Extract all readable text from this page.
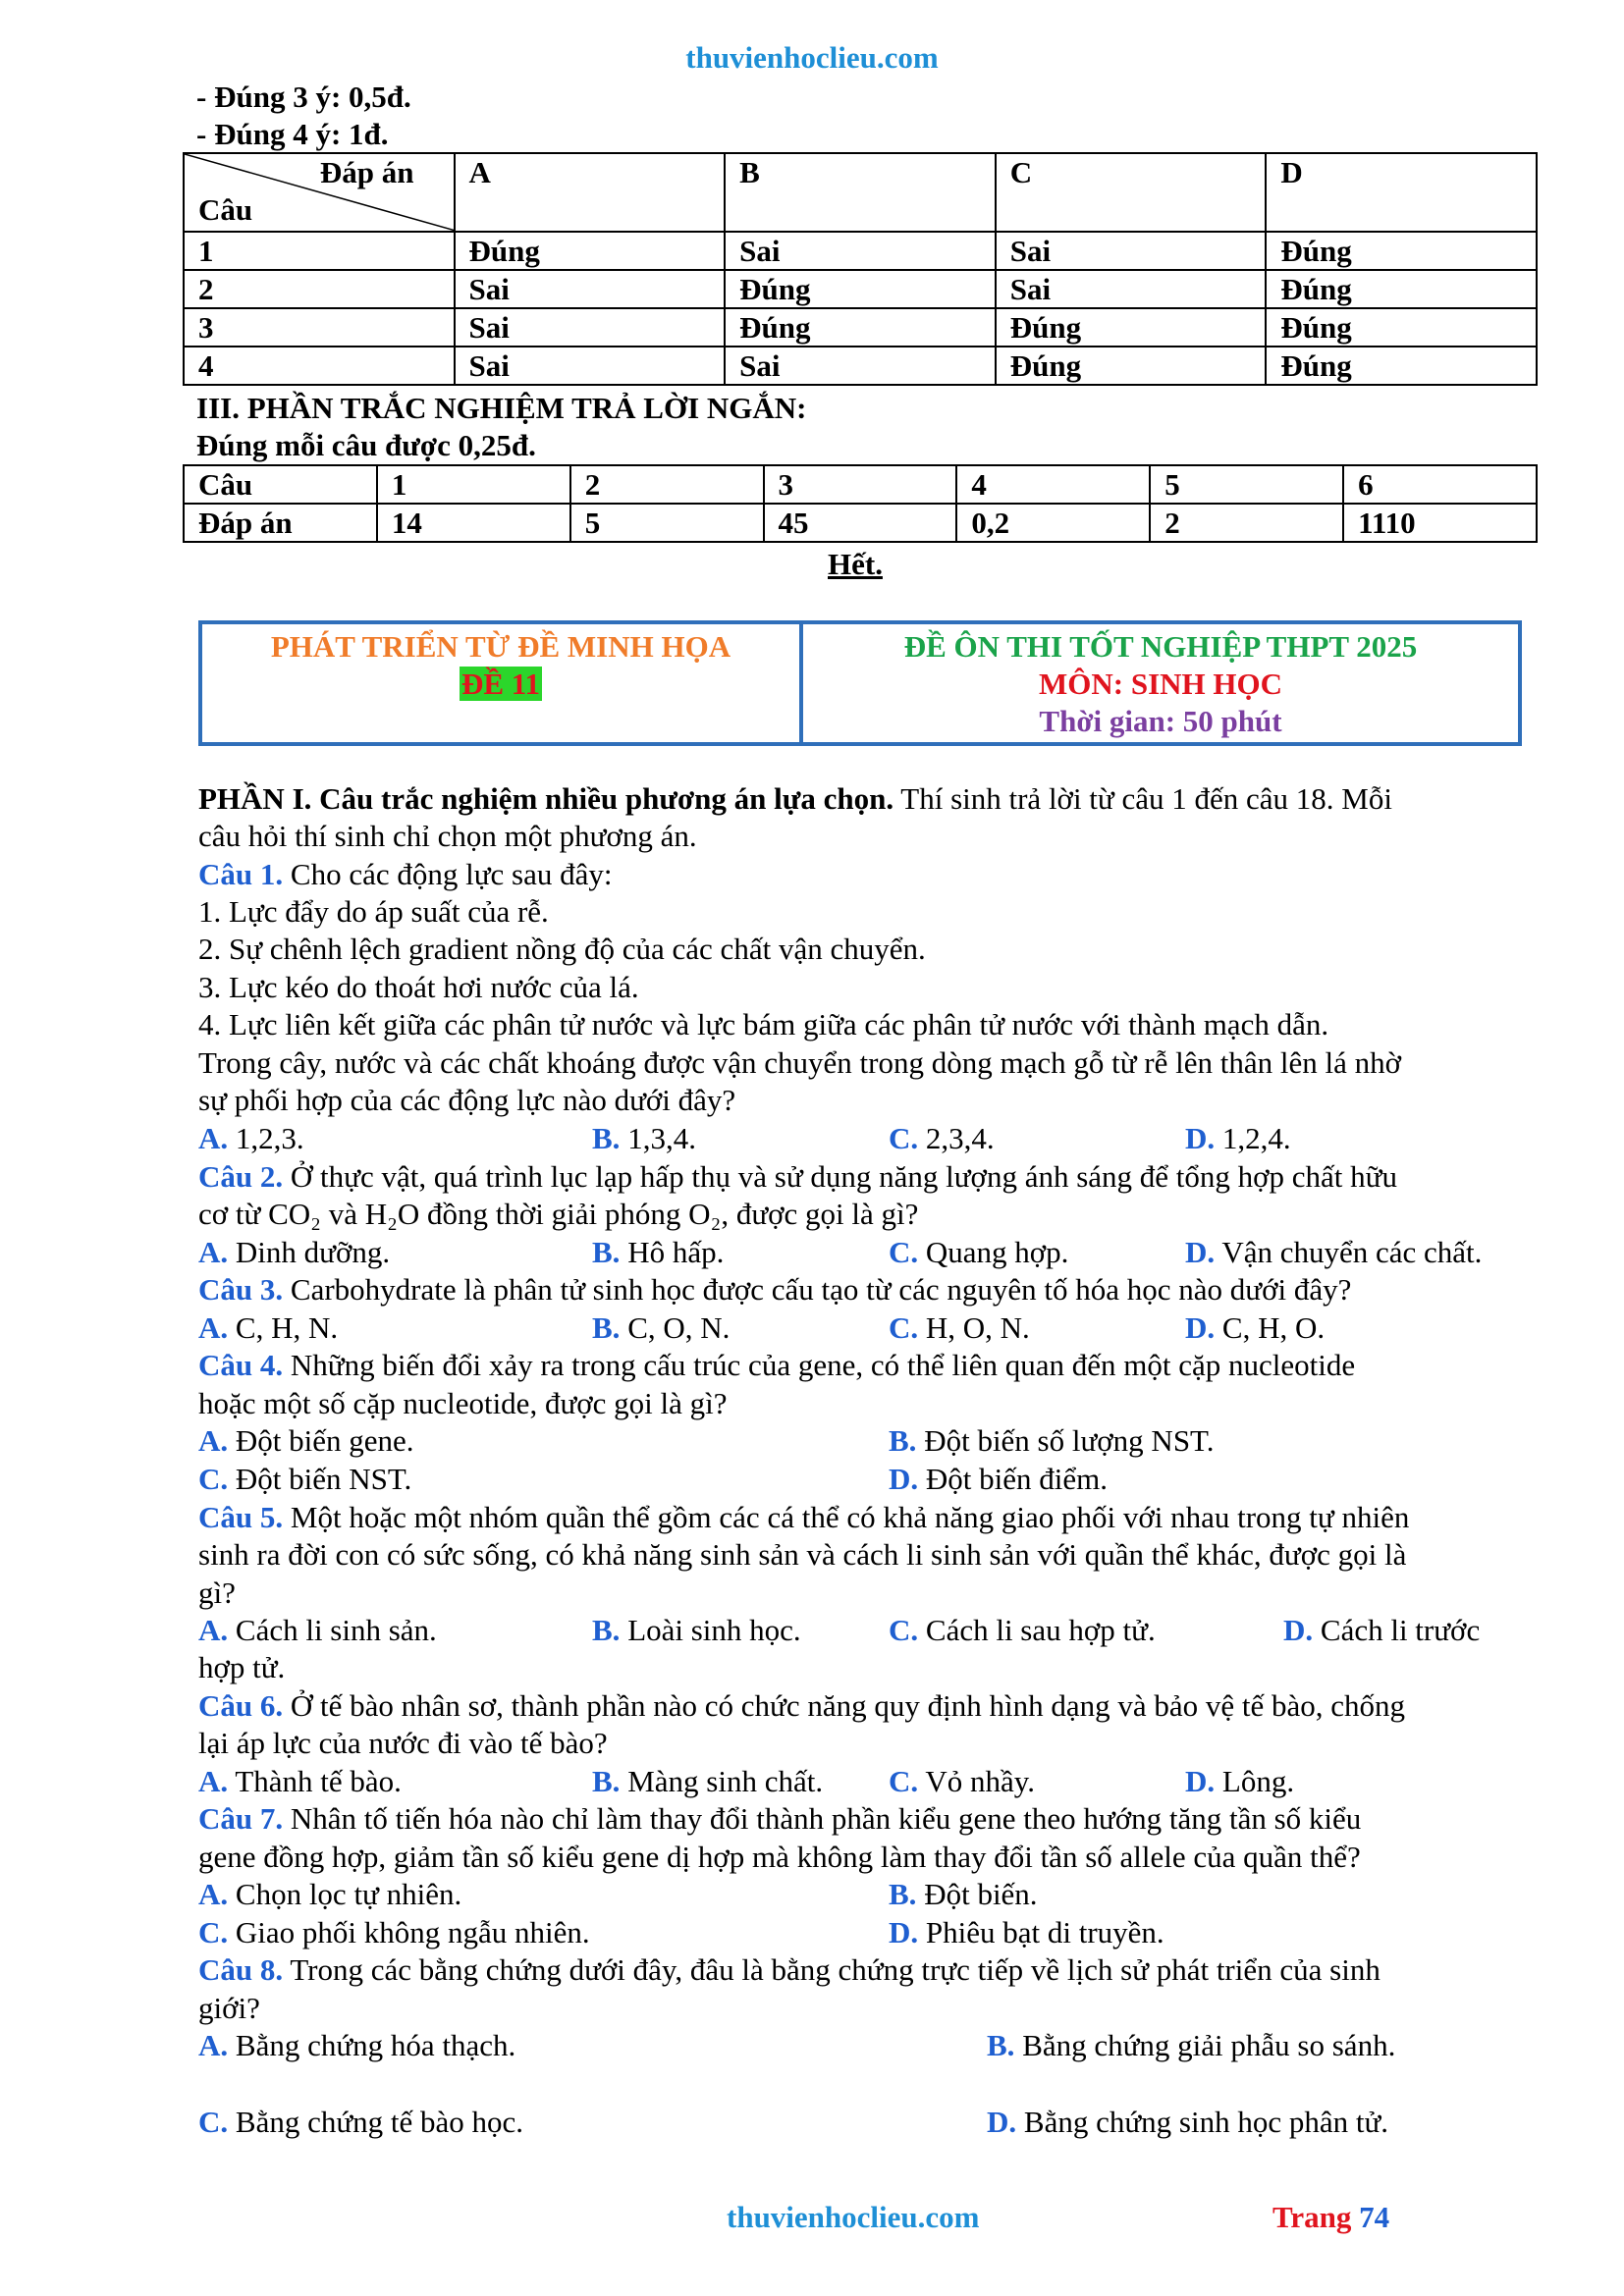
thuvienhoclieu.com
- Đúng 3 ý: 0,5đ.
- Đúng 4 ý: 1đ.
Đáp án
Câu	A	B	C	D
1	Đúng	Sai	Sai	Đúng
2	Sai	Đúng	Sai	Đúng
3	Sai	Đúng	Đúng	Đúng
4	Sai	Sai	Đúng	Đúng
III. PHẦN TRẮC NGHIỆM TRẢ LỜI NGẮN:
Đúng mỗi câu được 0,25đ.
Câu	1	2	3	4	5	6
Đáp án	14	5	45	0,2	2	1110
Hết.
PHÁT TRIỂN TỪ ĐỀ MINH HỌA
ĐỀ 11
ĐỀ ÔN THI TỐT NGHIỆP THPT 2025
MÔN: SINH HỌC
Thời gian: 50 phút
PHẦN I. Câu trắc nghiệm nhiều phương án lựa chọn. Thí sinh trả lời từ câu 1 đến câu 18. Mỗi
câu hỏi thí sinh chỉ chọn một phương án.
Câu 1. Cho các động lực sau đây:
1. Lực đẩy do áp suất của rễ.
2. Sự chênh lệch gradient nồng độ của các chất vận chuyển.
3. Lực kéo do thoát hơi nước của lá.
4. Lực liên kết giữa các phân tử nước và lực bám giữa các phân tử nước với thành mạch dẫn.
Trong cây, nước và các chất khoáng được vận chuyển trong dòng mạch gỗ từ rễ lên thân lên lá nhờ
sự phối hợp của các động lực nào dưới đây?
A. 1,2,3.	B. 1,3,4.	C. 2,3,4.	D. 1,2,4.
Câu 2. Ở thực vật, quá trình lục lạp hấp thụ và sử dụng năng lượng ánh sáng để tổng hợp chất hữu
cơ từ CO₂ và H₂O đồng thời giải phóng O₂, được gọi là gì?
A. Dinh dưỡng.	B. Hô hấp.	C. Quang hợp.	D. Vận chuyển các chất.
Câu 3. Carbohydrate là phân tử sinh học được cấu tạo từ các nguyên tố hóa học nào dưới đây?
A. C, H, N.	B. C, O, N.	C. H, O, N.	D. C, H, O.
Câu 4. Những biến đổi xảy ra trong cấu trúc của gene, có thể liên quan đến một cặp nucleotide
hoặc một số cặp nucleotide, được gọi là gì?
A. Đột biến gene.	B. Đột biến số lượng NST.
C. Đột biến NST.	D. Đột biến điểm.
Câu 5. Một hoặc một nhóm quần thể gồm các cá thể có khả năng giao phối với nhau trong tự nhiên
sinh ra đời con có sức sống, có khả năng sinh sản và cách li sinh sản với quần thể khác, được gọi là
gì?
A. Cách li sinh sản.	B. Loài sinh học.	C. Cách li sau hợp tử.	D. Cách li trước
hợp tử.
Câu 6. Ở tế bào nhân sơ, thành phần nào có chức năng quy định hình dạng và bảo vệ tế bào, chống
lại áp lực của nước đi vào tế bào?
A. Thành tế bào.	B. Màng sinh chất. C. Vỏ nhầy.	D. Lông.
Câu 7. Nhân tố tiến hóa nào chỉ làm thay đổi thành phần kiểu gene theo hướng tăng tần số kiểu
gene đồng hợp, giảm tần số kiểu gene dị hợp mà không làm thay đổi tần số allele của quần thể?
A. Chọn lọc tự nhiên.	B. Đột biến.
C. Giao phối không ngẫu nhiên.	D. Phiêu bạt di truyền.
Câu 8. Trong các bằng chứng dưới đây, đâu là bằng chứng trực tiếp về lịch sử phát triển của sinh
giới?
A. Bằng chứng hóa thạch.	B. Bằng chứng giải phẫu so sánh.
C. Bằng chứng tế bào học.	D. Bằng chứng sinh học phân tử.
thuvienhoclieu.com	Trang 74
